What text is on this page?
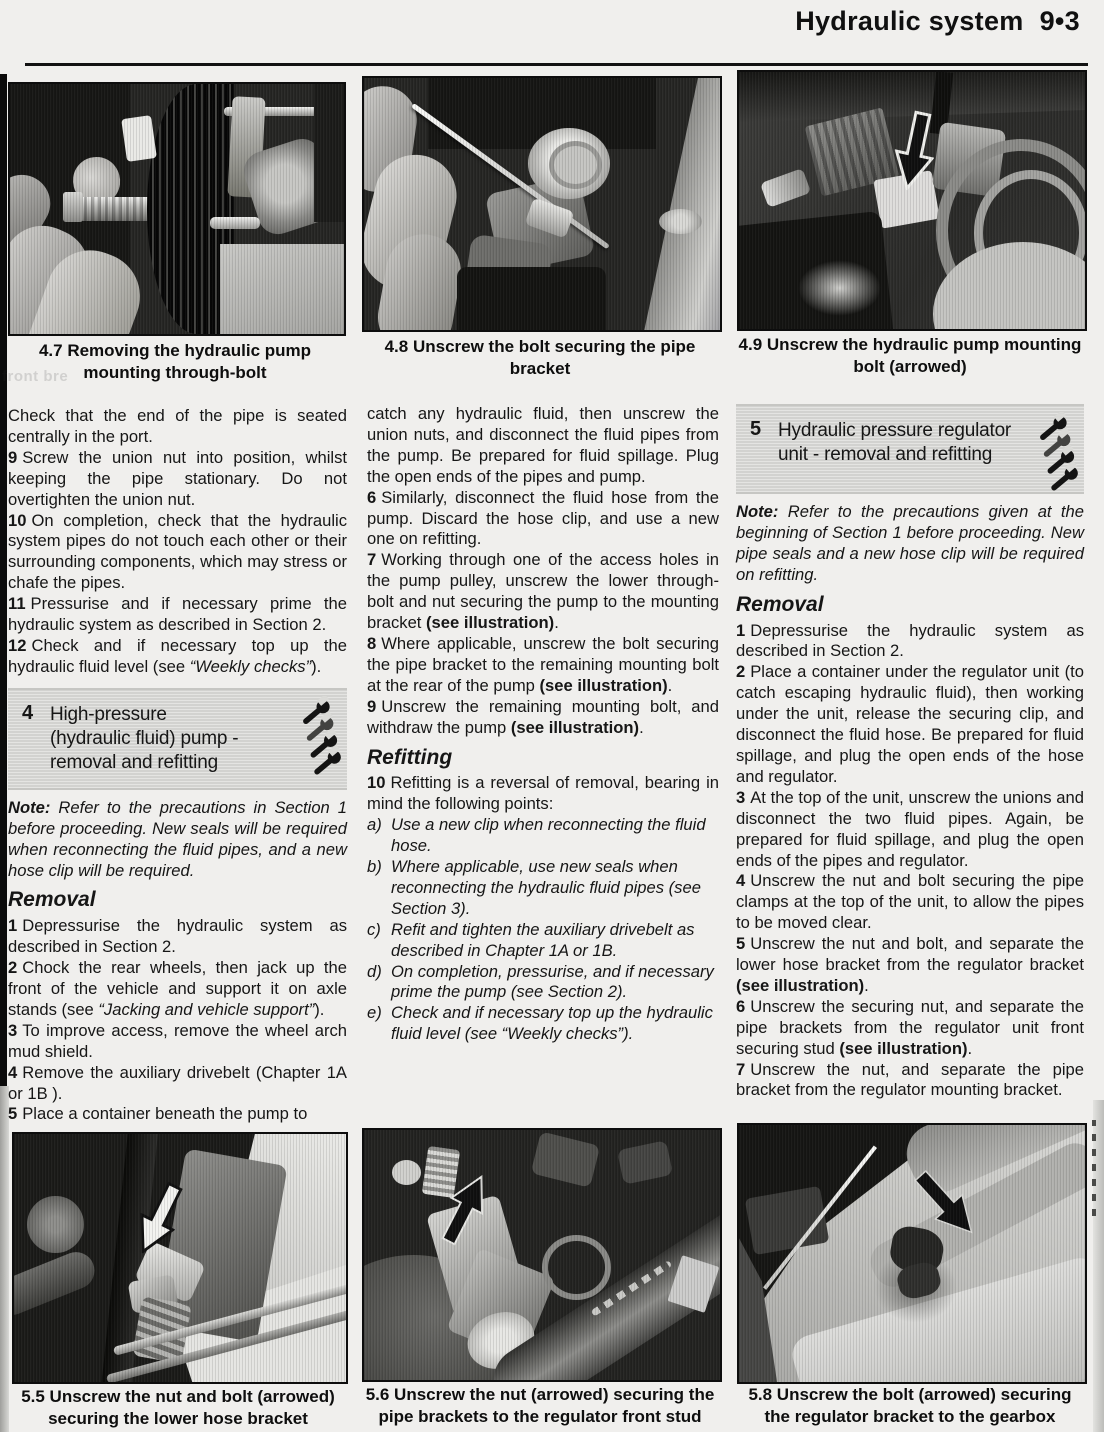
Hydraulic system 9•3
front bre
4.7 Removing the hydraulic pump
mounting through-bolt
4.8 Unscrew the bolt securing the pipe
bracket
4.9 Unscrew the hydraulic pump mounting
bolt (arrowed)

Check that the end of the pipe is seated centrally in the port.

9 Screw the union nut into position, whilst keeping the pipe stationary. Do not overtighten the union nut.

10 On completion, check that the hydraulic system pipes do not touch each other or their surrounding components, which may stress or chafe the pipes.

11 Pressurise and if necessary prime the hydraulic system as described in Section 2.

12 Check and if necessary top up the hydraulic fluid level (see “Weekly checks”).

4 High-pressure
(hydraulic fluid) pump -
removal and refitting

Note: Refer to the precautions in Section 1 before proceeding. New seals will be required when reconnecting the fluid pipes, and a new hose clip will be required.

Removal

1 Depressurise the hydraulic system as described in Section 2.

2 Chock the rear wheels, then jack up the front of the vehicle and support it on axle stands (see “Jacking and vehicle support”).

3 To improve access, remove the wheel arch mud shield.

4 Remove the auxiliary drivebelt (Chapter 1A or 1B ).

5 Place a container beneath the pump to

catch any hydraulic fluid, then unscrew the union nuts, and disconnect the fluid pipes from the pump. Be prepared for fluid spillage. Plug the open ends of the pipes and pump.

6 Similarly, disconnect the fluid hose from the pump. Discard the hose clip, and use a new one on refitting.

7 Working through one of the access holes in the pump pulley, unscrew the lower through-bolt and nut securing the pump to the mounting bracket (see illustration).

8 Where applicable, unscrew the bolt securing the pipe bracket to the remaining mounting bolt at the rear of the pump (see illustration).

9 Unscrew the remaining mounting bolt, and withdraw the pump (see illustration).

Refitting

10 Refitting is a reversal of removal, bearing in mind the following points:

a) Use a new clip when reconnecting the fluid hose.

b) Where applicable, use new seals when reconnecting the hydraulic fluid pipes (see Section 3).

c) Refit and tighten the auxiliary drivebelt as described in Chapter 1A or 1B.

d) On completion, pressurise, and if necessary prime the pump (see Section 2).

e) Check and if necessary top up the hydraulic fluid level (see “Weekly checks”).

5 Hydraulic pressure regulator
unit - removal and refitting

Note: Refer to the precautions given at the beginning of Section 1 before proceeding. New pipe seals and a new hose clip will be required on refitting.

Removal

1 Depressurise the hydraulic system as described in Section 2.

2 Place a container under the regulator unit (to catch escaping hydraulic fluid), then working under the unit, release the securing clip, and disconnect the fluid hose. Be prepared for fluid spillage, and plug the open ends of the hose and regulator.

3 At the top of the unit, unscrew the unions and disconnect the two fluid pipes. Again, be prepared for fluid spillage, and plug the open ends of the pipes and regulator.

4 Unscrew the nut and bolt securing the pipe clamps at the top of the unit, to allow the pipes to be moved clear.

5 Unscrew the nut and bolt, and separate the lower hose bracket from the regulator bracket (see illustration).

6 Unscrew the securing nut, and separate the pipe brackets from the regulator unit front securing stud (see illustration).

7 Unscrew the nut, and separate the pipe bracket from the regulator mounting bracket.

5.5 Unscrew the nut and bolt (arrowed)
securing the lower hose bracket
5.6 Unscrew the nut (arrowed) securing the
pipe brackets to the regulator front stud
5.8 Unscrew the bolt (arrowed) securing
the regulator bracket to the gearbox
